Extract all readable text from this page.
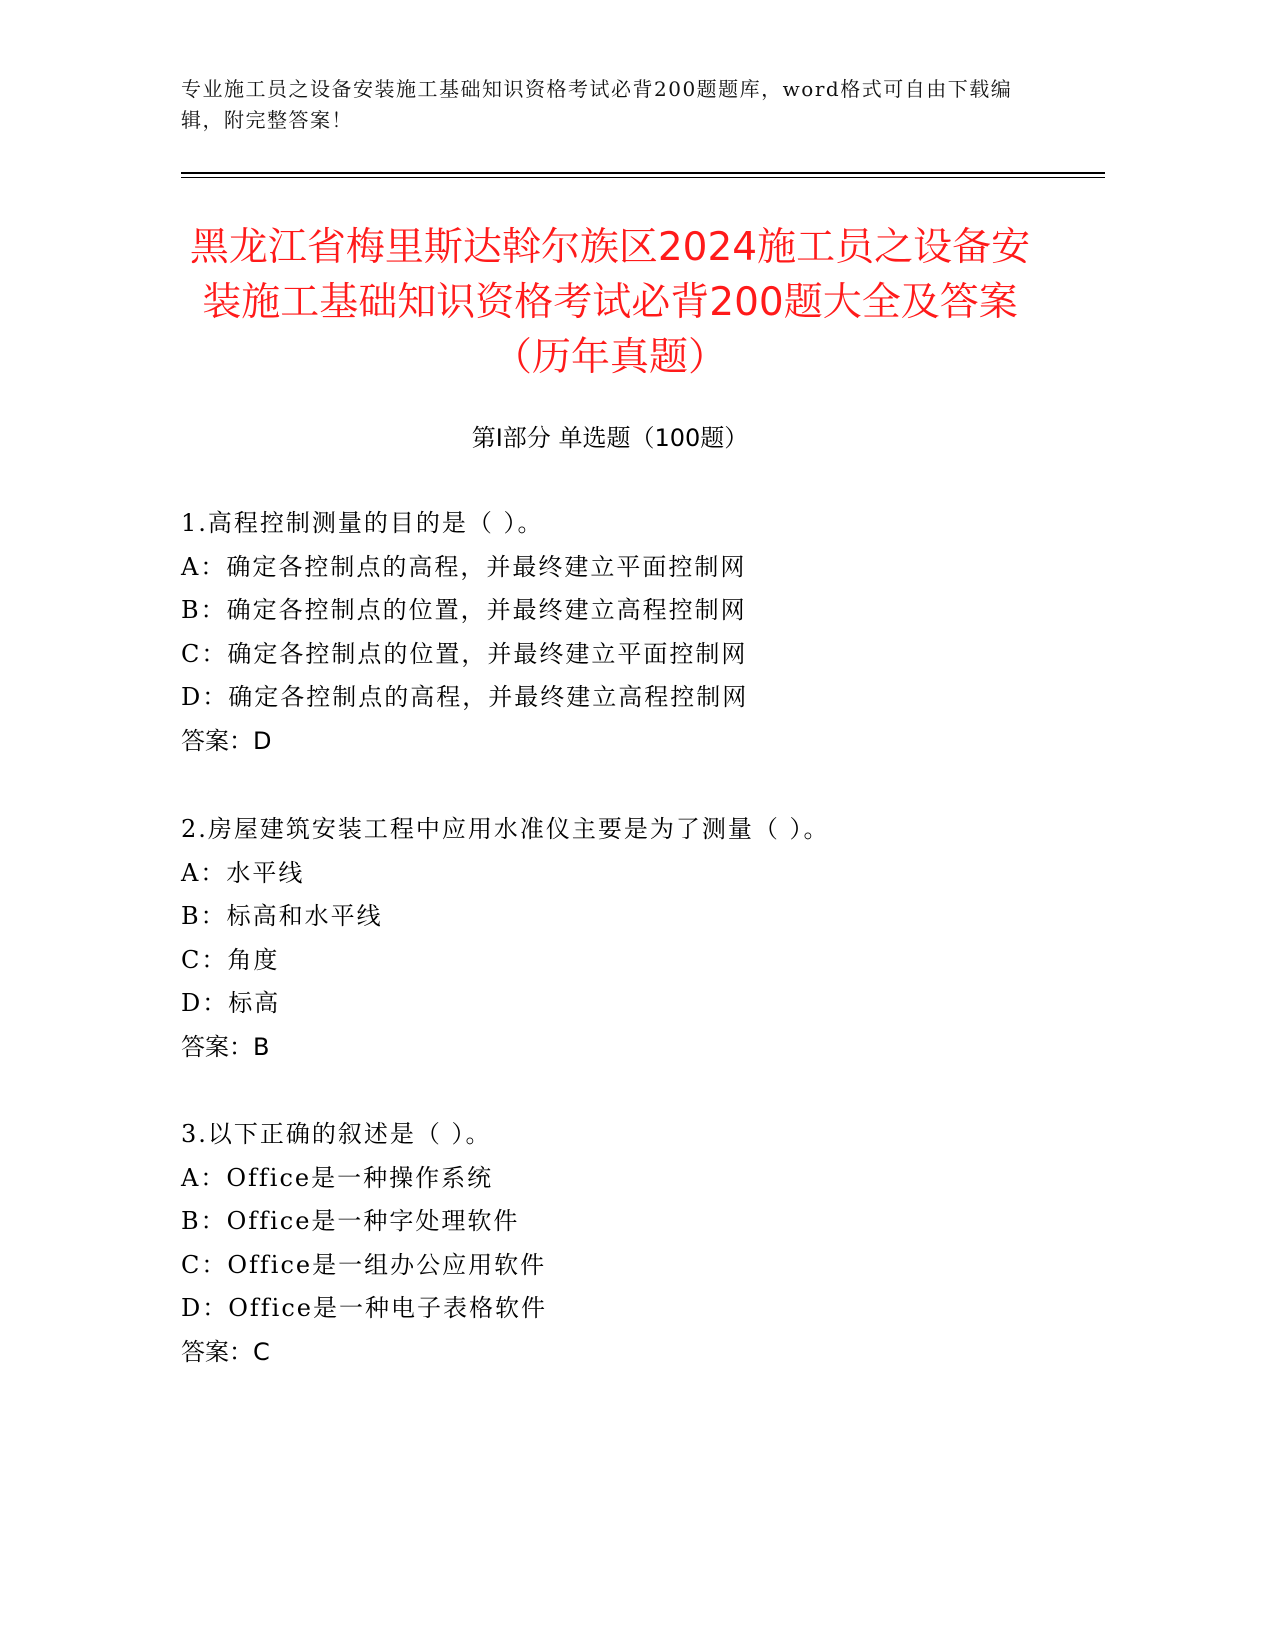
专业施工员之设备安装施工基础知识资格考试必背200题题库，word格式可自由下载编辑，附完整答案！
黑龙江省梅里斯达斡尔族区2024施工员之设备安装施工基础知识资格考试必背200题大全及答案（历年真题）
第Ⅰ部分 单选题（100题）
1.高程控制测量的目的是（ ）。
A：确定各控制点的高程，并最终建立平面控制网
B：确定各控制点的位置，并最终建立高程控制网
C：确定各控制点的位置，并最终建立平面控制网
D：确定各控制点的高程，并最终建立高程控制网
答案：D
2.房屋建筑安装工程中应用水准仪主要是为了测量（ ）。
A：水平线
B：标高和水平线
C：角度
D：标高
答案：B
3.以下正确的叙述是（ ）。
A：Office是一种操作系统
B：Office是一种字处理软件
C：Office是一组办公应用软件
D：Office是一种电子表格软件
答案：C
